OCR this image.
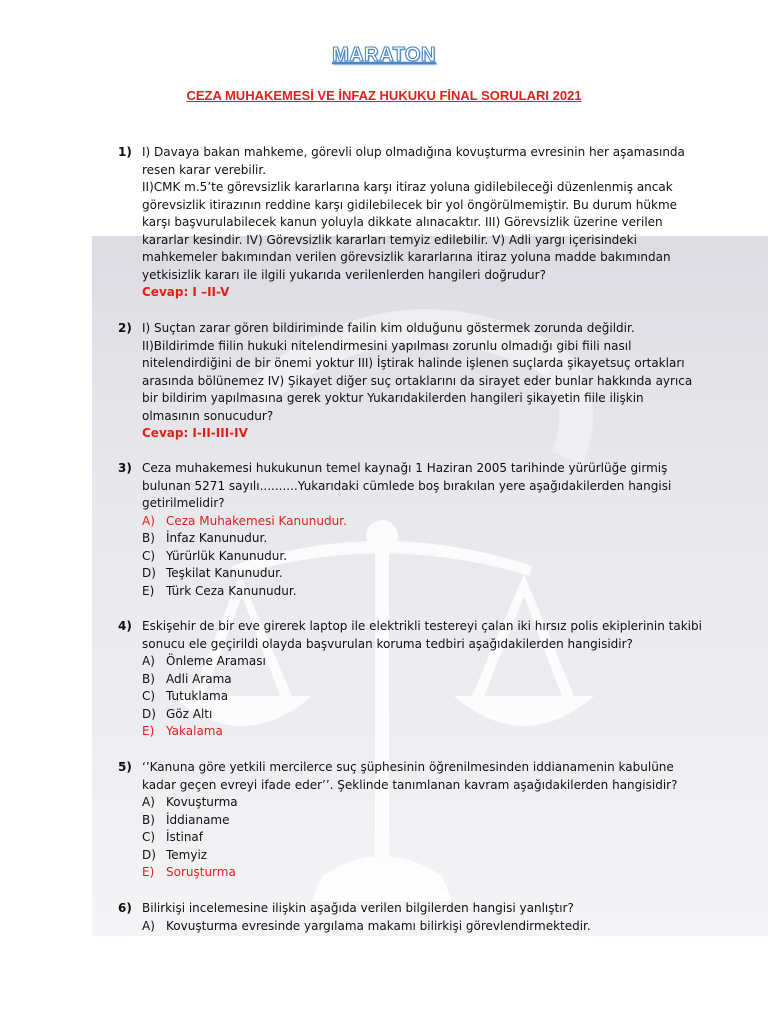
MARATON
CEZA MUHAKEMESİ VE İNFAZ HUKUKU FİNAL SORULARI 2021
1) I) Davaya bakan mahkeme, görevli olup olmadığına kovuşturma evresinin her aşamasında
resen karar verebilir.
II)CMK m.5’te görevsizlik kararlarına karşı itiraz yoluna gidilebileceği düzenlenmiş ancak
görevsizlik itirazının reddine karşı gidilebilecek bir yol öngörülmemiştir. Bu durum hükme
karşı başvurulabilecek kanun yoluyla dikkate alınacaktır. III) Görevsizlik üzerine verilen
kararlar kesindir. IV) Görevsizlik kararları temyiz edilebilir. V) Adli yargı içerisindeki
mahkemeler bakımından verilen görevsizlik kararlarına itiraz yoluna madde bakımından
yetkisizlik kararı ile ilgili yukarıda verilenlerden hangileri doğrudur?
Cevap: I –II-V
2) I) Suçtan zarar gören bildiriminde failin kim olduğunu göstermek zorunda değildir.
II)Bildirimde fiilin hukuki nitelendirmesini yapılması zorunlu olmadığı gibi fiili nasıl
nitelendirdiğini de bir önemi yoktur III) İştirak halinde işlenen suçlarda şikayetsuç ortakları
arasında bölünemez IV) Şikayet diğer suç ortaklarını da sirayet eder bunlar hakkında ayrıca
bir bildirim yapılmasına gerek yoktur Yukarıdakilerden hangileri şikayetin fiile ilişkin
olmasının sonucudur?
Cevap: I-II-III-IV
3) Ceza muhakemesi hukukunun temel kaynağı 1 Haziran 2005 tarihinde yürürlüğe girmiş
bulunan 5271 sayılı..........Yukarıdaki cümlede boş bırakılan yere aşağıdakilerden hangisi
getirilmelidir?
A) Ceza Muhakemesi Kanunudur.
B) İnfaz Kanunudur.
C) Yürürlük Kanunudur.
D) Teşkilat Kanunudur.
E) Türk Ceza Kanunudur.
4) Eskişehir de bir eve girerek laptop ile elektrikli testereyi çalan iki hırsız polis ekiplerinin takibi
sonucu ele geçirildi olayda başvurulan koruma tedbiri aşağıdakilerden hangisidir?
A) Önleme Araması
B) Adli Arama
C) Tutuklama
D) Göz Altı
E) Yakalama
5) ‘’Kanuna göre yetkili mercilerce suç şüphesinin öğrenilmesinden iddianamenin kabulüne
kadar geçen evreyi ifade eder’’. Şeklinde tanımlanan kavram aşağıdakilerden hangisidir?
A) Kovuşturma
B) İddianame
C) İstinaf
D) Temyiz
E) Soruşturma
6) Bilirkişi incelemesine ilişkin aşağıda verilen bilgilerden hangisi yanlıştır?
A) Kovuşturma evresinde yargılama makamı bilirkişi görevlendirmektedir.
